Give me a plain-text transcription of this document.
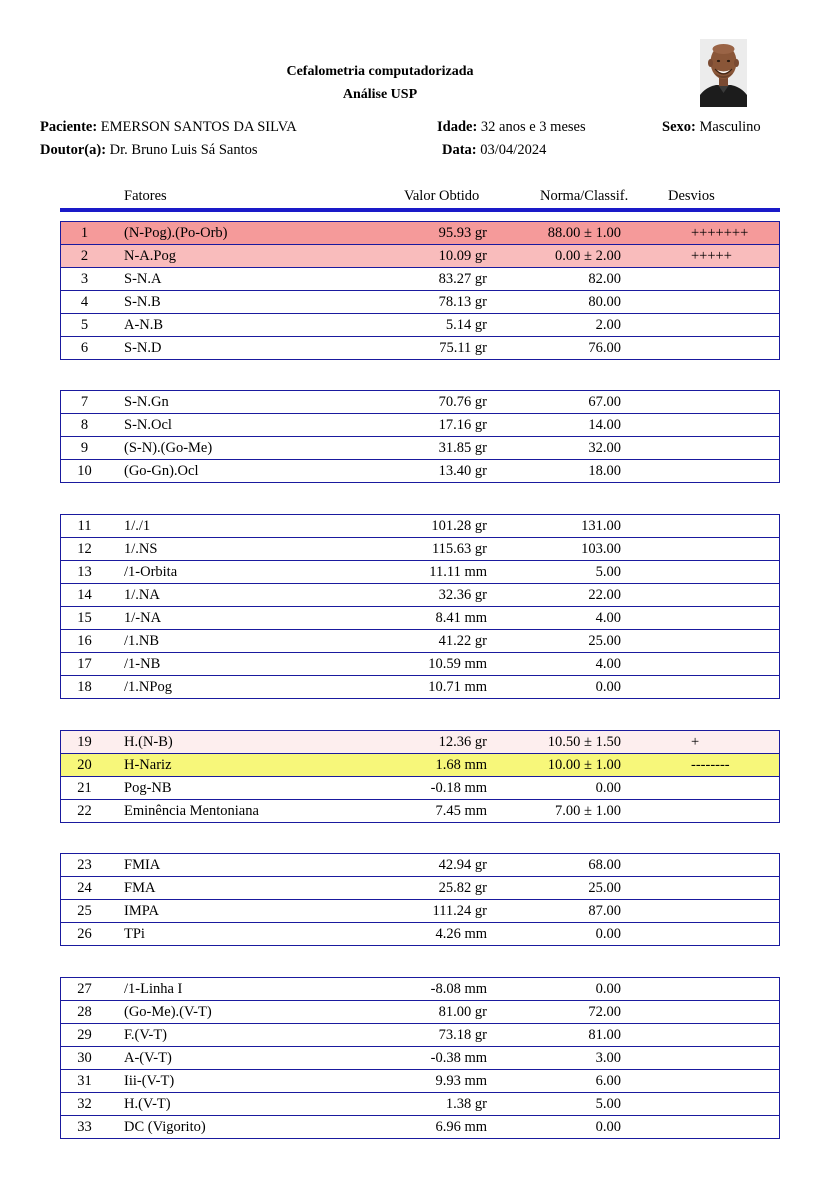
Cefalometria computadorizada
Análise USP
Paciente: EMERSON SANTOS DA SILVA	Idade: 32 anos e 3 meses	Sexo: Masculino
Doutor(a): Dr. Bruno Luis Sá Santos	Data: 03/04/2024
Fatores	Valor Obtido	Norma/Classif.	Desvios
1	(N-Pog).(Po-Orb)	95.93 gr	88.00 ± 1.00	+++++++
2	N-A.Pog	10.09 gr	0.00 ± 2.00	+++++
3	S-N.A	83.27 gr	82.00
4	S-N.B	78.13 gr	80.00
5	A-N.B	5.14 gr	2.00
6	S-N.D	75.11 gr	76.00
7	S-N.Gn	70.76 gr	67.00
8	S-N.Ocl	17.16 gr	14.00
9	(S-N).(Go-Me)	31.85 gr	32.00
10	(Go-Gn).Ocl	13.40 gr	18.00
11	1/./1	101.28 gr	131.00
12	1/.NS	115.63 gr	103.00
13	/1-Orbita	11.11 mm	5.00
14	1/.NA	32.36 gr	22.00
15	1/-NA	8.41 mm	4.00
16	/1.NB	41.22 gr	25.00
17	/1-NB	10.59 mm	4.00
18	/1.NPog	10.71 mm	0.00
19	H.(N-B)	12.36 gr	10.50 ± 1.50	+
20	H-Nariz	1.68 mm	10.00 ± 1.00	--------
21	Pog-NB	-0.18 mm	0.00
22	Eminência Mentoniana	7.45 mm	7.00 ± 1.00
23	FMIA	42.94 gr	68.00
24	FMA	25.82 gr	25.00
25	IMPA	111.24 gr	87.00
26	TPi	4.26 mm	0.00
27	/1-Linha I	-8.08 mm	0.00
28	(Go-Me).(V-T)	81.00 gr	72.00
29	F.(V-T)	73.18 gr	81.00
30	A-(V-T)	-0.38 mm	3.00
31	Iii-(V-T)	9.93 mm	6.00
32	H.(V-T)	1.38 gr	5.00
33	DC (Vigorito)	6.96 mm	0.00
